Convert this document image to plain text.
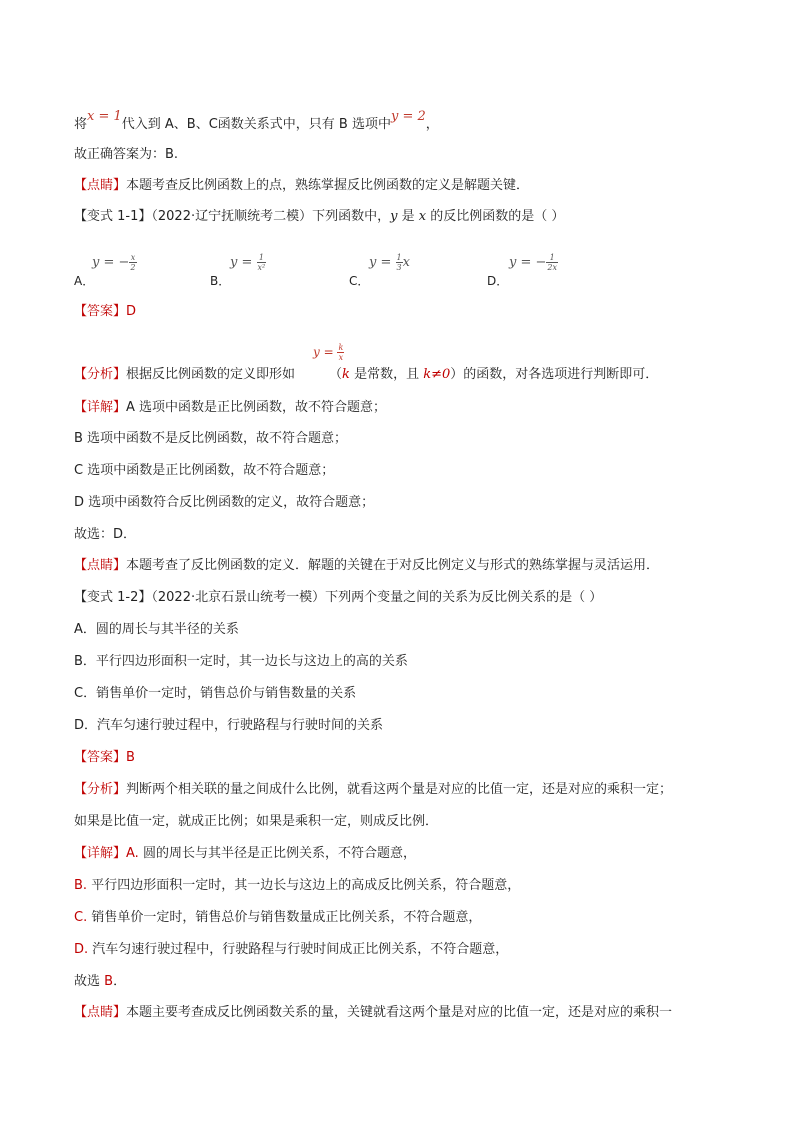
将x = 1代入到 A、B、C函数关系式中，只有 B 选项中y = 2，
故正确答案为：B.
【点睛】本题考查反比例函数上的点，熟练掌握反比例函数的定义是解题关键．
【变式 1-1】（2022·辽宁抚顺统考二模）下列函数中，y 是 x 的反比例函数的是（ ）
y = − $\frac{x}{2}$
A．
$y = \frac{1}{\text{x²}}$
B．
$y = \frac{1}{3}$ x
C．
y = − $\frac{1}{2x}$
D．
【答案】D
$y = \frac{k}{x}$
【分析】根据反比例函数的定义即形如	（k 是常数，且 k≠0）的函数，对各选项进行判断即可．
【详解】A 选项中函数是正比例函数，故不符合题意；
B 选项中函数不是反比例函数，故不符合题意；
C 选项中函数是正比例函数，故不符合题意；
D 选项中函数符合反比例函数的定义，故符合题意；
故选：D．
【点睛】本题考查了反比例函数的定义．解题的关键在于对反比例定义与形式的熟练掌握与灵活运用．
【变式 1-2】（2022·北京石景山统考一模）下列两个变量之间的关系为反比例关系的是（ ）
A．圆的周长与其半径的关系
B．平行四边形面积一定时，其一边长与这边上的高的关系
C．销售单价一定时，销售总价与销售数量的关系
D．汽车匀速行驶过程中，行驶路程与行驶时间的关系
【答案】B
【分析】判断两个相关联的量之间成什么比例，就看这两个量是对应的比值一定，还是对应的乘积一定；
如果是比值一定，就成正比例；如果是乘积一定，则成反比例．
【详解】A. 圆的周长与其半径是正比例关系，不符合题意，
B. 平行四边形面积一定时，其一边长与这边上的高成反比例关系，符合题意，
C. 销售单价一定时，销售总价与销售数量成正比例关系，不符合题意，
D. 汽车匀速行驶过程中，行驶路程与行驶时间成正比例关系，不符合题意，
故选 B．
【点睛】本题主要考查成反比例函数关系的量，关键就看这两个量是对应的比值一定，还是对应的乘积一
